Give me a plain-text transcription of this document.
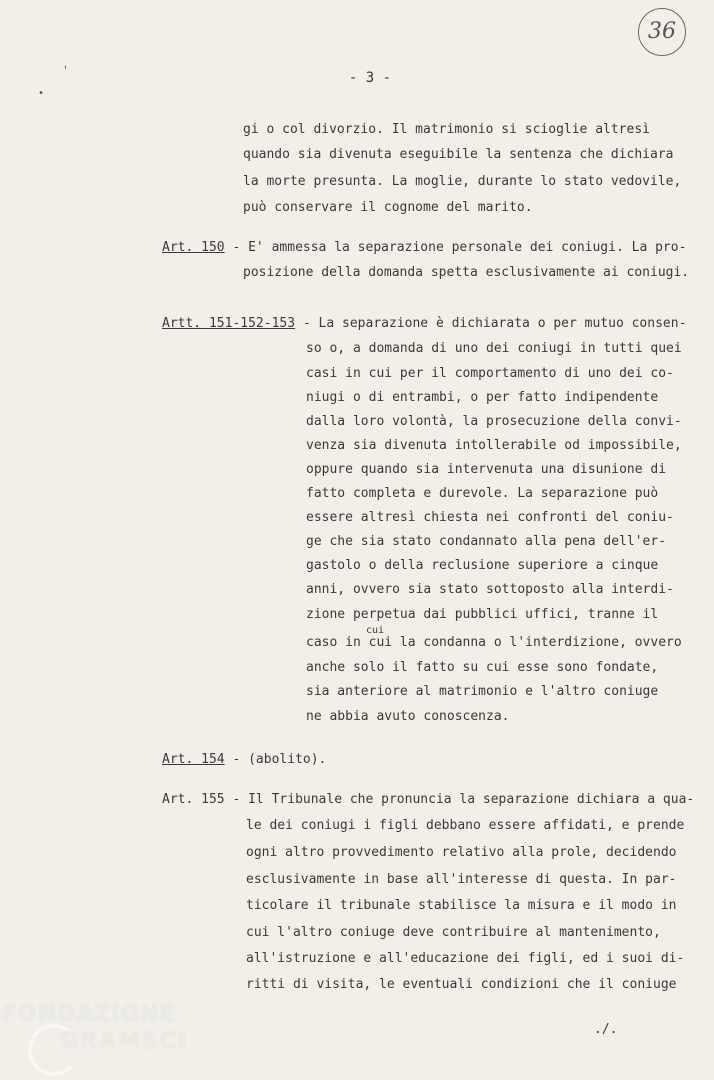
36
ˌ
•
- 3 -
gi o col divorzio. Il matrimonio si scioglie altresì
quando sia divenuta eseguibile la sentenza che dichiara
la morte presunta. La moglie, durante lo stato vedovile,
può conservare il cognome del marito.
Art. 150 - E' ammessa la separazione personale dei coniugi. La pro-
posizione della domanda spetta esclusivamente ai coniugi.
Artt. 151-152-153 - La separazione è dichiarata o per mutuo consen-
so o, a domanda di uno dei coniugi in tutti quei
casi in cui per il comportamento di uno dei co-
niugi o di entrambi, o per fatto indipendente
dalla loro volontà, la prosecuzione della convi-
venza sia divenuta intollerabile od impossibile,
oppure quando sia intervenuta una disunione di
fatto completa e durevole. La separazione può
essere altresì chiesta nei confronti del coniu-
ge che sia stato condannato alla pena dell'er-
gastolo o della reclusione superiore a cinque
anni, ovvero sia stato sottoposto alla interdi-
zione perpetua dai pubblici uffici, tranne il
cui
caso in cui la condanna o l'interdizione, ovvero
anche solo il fatto su cui esse sono fondate,
sia anteriore al matrimonio e l'altro coniuge
ne abbia avuto conoscenza.
Art. 154 - (abolito).
Art. 155 - Il Tribunale che pronuncia la separazione dichiara a qua-
le dei coniugi i figli debbano essere affidati, e prende
ogni altro provvedimento relativo alla prole, decidendo
esclusivamente in base all'interesse di questa. In par-
ticolare il tribunale stabilisce la misura e il modo in
cui l'altro coniuge deve contribuire al mantenimento,
all'istruzione e all'educazione dei figli, ed i suoi di-
ritti di visita, le eventuali condizioni che il coniuge
./.
FONDAZIONE
GRAMSCI
